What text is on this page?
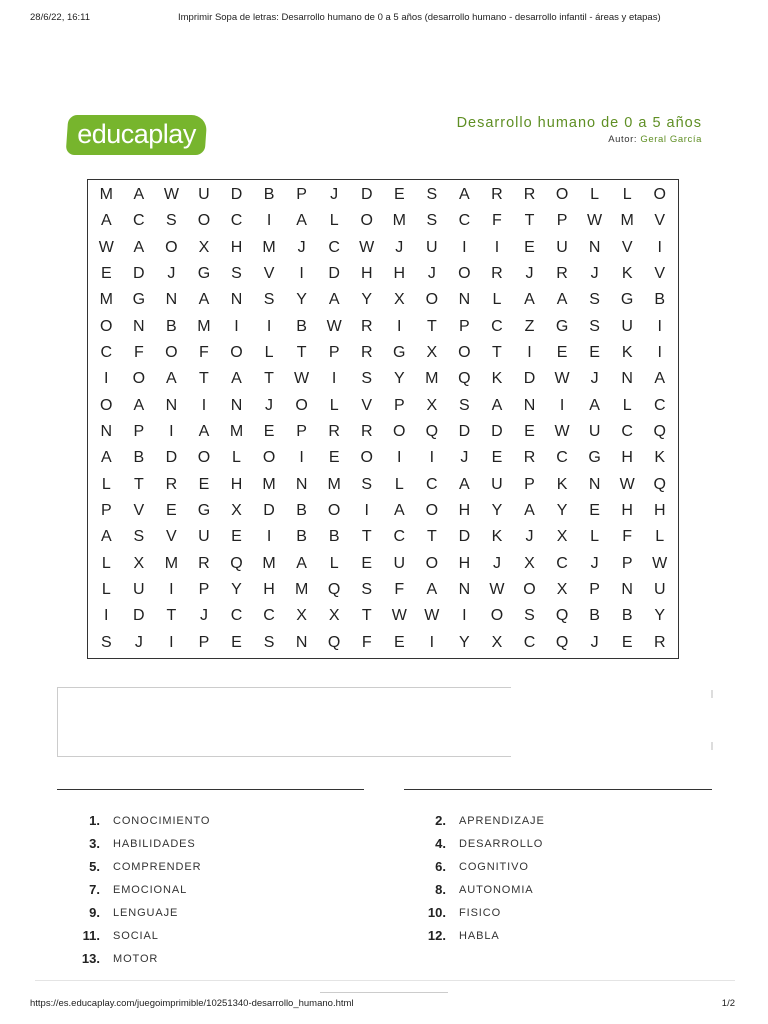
28/6/22, 16:11	Imprimir Sopa de letras: Desarrollo humano de 0 a 5 años (desarrollo humano - desarrollo infantil - áreas y etapas)
educaplay	Desarrollo humano de 0 a 5 años
Autor: Geral García
M	A	W	U	D	B	P	J	D	E	S	A	R	R	O	L	L	O
A	C	S	O	C	I	A	L	O	M	S	C	F	T	P	W	M	V
W	A	O	X	H	M	J	C	W	J	U	I	I	E	U	N	V	I
E	D	J	G	S	V	I	D	H	H	J	O	R	J	R	J	K	V
M	G	N	A	N	S	Y	A	Y	X	O	N	L	A	A	S	G	B
O	N	B	M	I	I	B	W	R	I	T	P	C	Z	G	S	U	I
C	F	O	F	O	L	T	P	R	G	X	O	T	I	E	E	K	I
I	O	A	T	A	T	W	I	S	Y	M	Q	K	D	W	J	N	A
O	A	N	I	N	J	O	L	V	P	X	S	A	N	I	A	L	C
N	P	I	A	M	E	P	R	R	O	Q	D	D	E	W	U	C	Q
A	B	D	O	L	O	I	E	O	I	I	J	E	R	C	G	H	K
L	T	R	E	H	M	N	M	S	L	C	A	U	P	K	N	W	Q
P	V	E	G	X	D	B	O	I	A	O	H	Y	A	Y	E	H	H
A	S	V	U	E	I	B	B	T	C	T	D	K	J	X	L	F	L
L	X	M	R	Q	M	A	L	E	U	O	H	J	X	C	J	P	W
L	U	I	P	Y	H	M	Q	S	F	A	N	W	O	X	P	N	U
I	D	T	J	C	C	X	X	T	W	W	I	O	S	Q	B	B	Y
S	J	I	P	E	S	N	Q	F	E	I	Y	X	C	Q	J	E	R
1. CONOCIMIENTO
3. HABILIDADES
5. COMPRENDER
7. EMOCIONAL
9. LENGUAJE
11. SOCIAL
13. MOTOR
2. APRENDIZAJE
4. DESARROLLO
6. COGNITIVO
8. AUTONOMIA
10. FISICO
12. HABLA
https://es.educaplay.com/juegoimprimible/10251340-desarrollo_humano.html	1/2
